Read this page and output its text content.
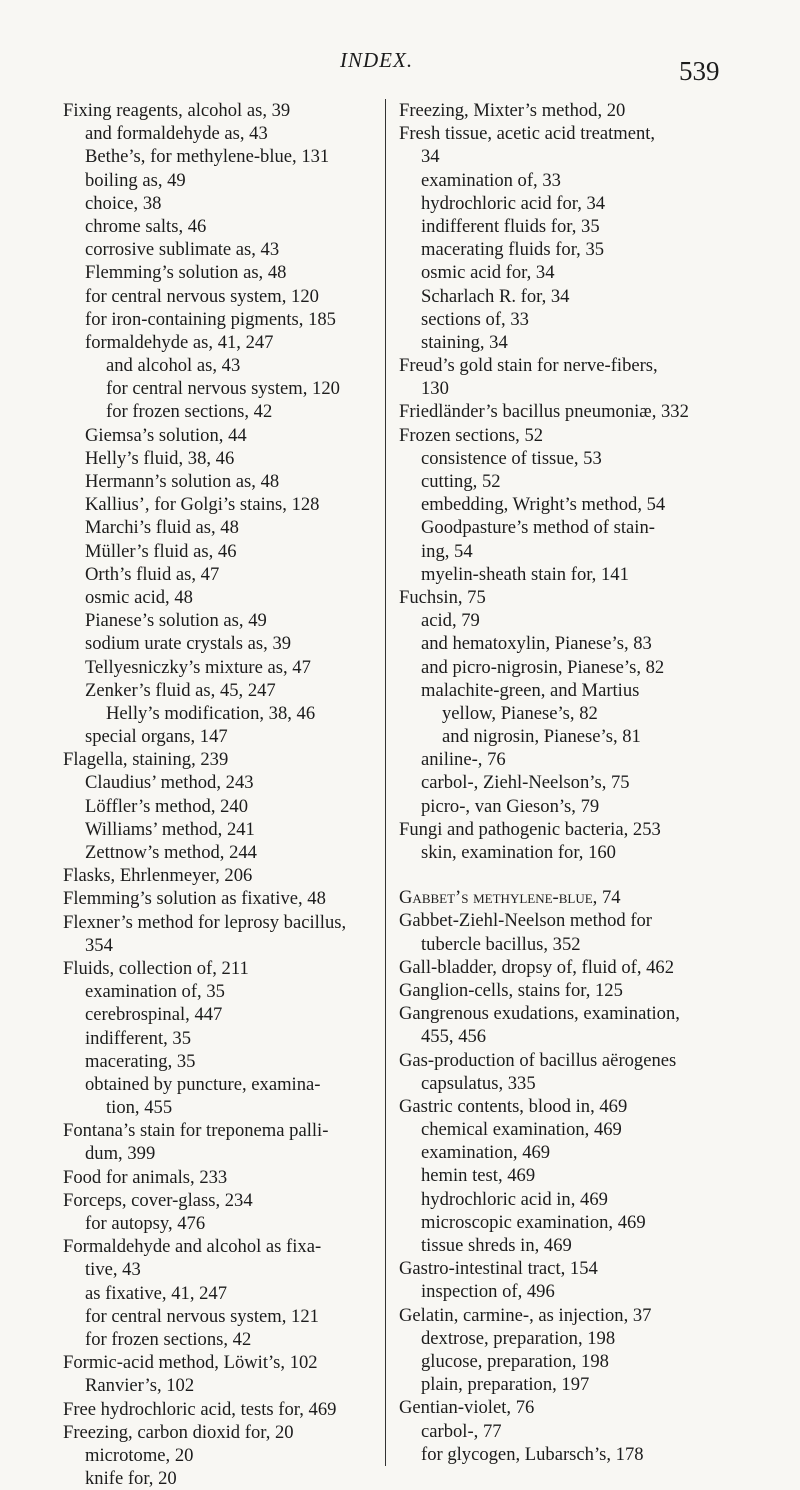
INDEX.	539
Fixing reagents, alcohol as, 39
and formaldehyde as, 43
Bethe’s, for methylene-blue, 131
boiling as, 49
choice, 38
chrome salts, 46
corrosive sublimate as, 43
Flemming’s solution as, 48
for central nervous system, 120
for iron-containing pigments, 185
formaldehyde as, 41, 247
and alcohol as, 43
for central nervous system, 120
for frozen sections, 42
Giemsa’s solution, 44
Helly’s fluid, 38, 46
Hermann’s solution as, 48
Kallius’, for Golgi’s stains, 128
Marchi’s fluid as, 48
Müller’s fluid as, 46
Orth’s fluid as, 47
osmic acid, 48
Pianese’s solution as, 49
sodium urate crystals as, 39
Tellyesniczky’s mixture as, 47
Zenker’s fluid as, 45, 247
Helly’s modification, 38, 46
special organs, 147
Flagella, staining, 239
Claudius’ method, 243
Löffler’s method, 240
Williams’ method, 241
Zettnow’s method, 244
Flasks, Ehrlenmeyer, 206
Flemming’s solution as fixative, 48
Flexner’s method for leprosy bacillus,
354
Fluids, collection of, 211
examination of, 35
cerebrospinal, 447
indifferent, 35
macerating, 35
obtained by puncture, examina-
tion, 455
Fontana’s stain for treponema palli-
dum, 399
Food for animals, 233
Forceps, cover-glass, 234
for autopsy, 476
Formaldehyde and alcohol as fixa-
tive, 43
as fixative, 41, 247
for central nervous system, 121
for frozen sections, 42
Formic-acid method, Löwit’s, 102
Ranvier’s, 102
Free hydrochloric acid, tests for, 469
Freezing, carbon dioxid for, 20
microtome, 20
knife for, 20
Freezing, Mixter’s method, 20
Fresh tissue, acetic acid treatment,
34
examination of, 33
hydrochloric acid for, 34
indifferent fluids for, 35
macerating fluids for, 35
osmic acid for, 34
Scharlach R. for, 34
sections of, 33
staining, 34
Freud’s gold stain for nerve-fibers,
130
Friedländer’s bacillus pneumoniæ, 332
Frozen sections, 52
consistence of tissue, 53
cutting, 52
embedding, Wright’s method, 54
Goodpasture’s method of stain-
ing, 54
myelin-sheath stain for, 141
Fuchsin, 75
acid, 79
and hematoxylin, Pianese’s, 83
and picro-nigrosin, Pianese’s, 82
malachite-green, and Martius
yellow, Pianese’s, 82
and nigrosin, Pianese’s, 81
aniline-, 76
carbol-, Ziehl-Neelson’s, 75
picro-, van Gieson’s, 79
Fungi and pathogenic bacteria, 253
skin, examination for, 160
Gabbet’s methylene-blue, 74
Gabbet-Ziehl-Neelson method for
tubercle bacillus, 352
Gall-bladder, dropsy of, fluid of, 462
Ganglion-cells, stains for, 125
Gangrenous exudations, examination,
455, 456
Gas-production of bacillus aërogenes
capsulatus, 335
Gastric contents, blood in, 469
chemical examination, 469
examination, 469
hemin test, 469
hydrochloric acid in, 469
microscopic examination, 469
tissue shreds in, 469
Gastro-intestinal tract, 154
inspection of, 496
Gelatin, carmine-, as injection, 37
dextrose, preparation, 198
glucose, preparation, 198
plain, preparation, 197
Gentian-violet, 76
carbol-, 77
for glycogen, Lubarsch’s, 178
